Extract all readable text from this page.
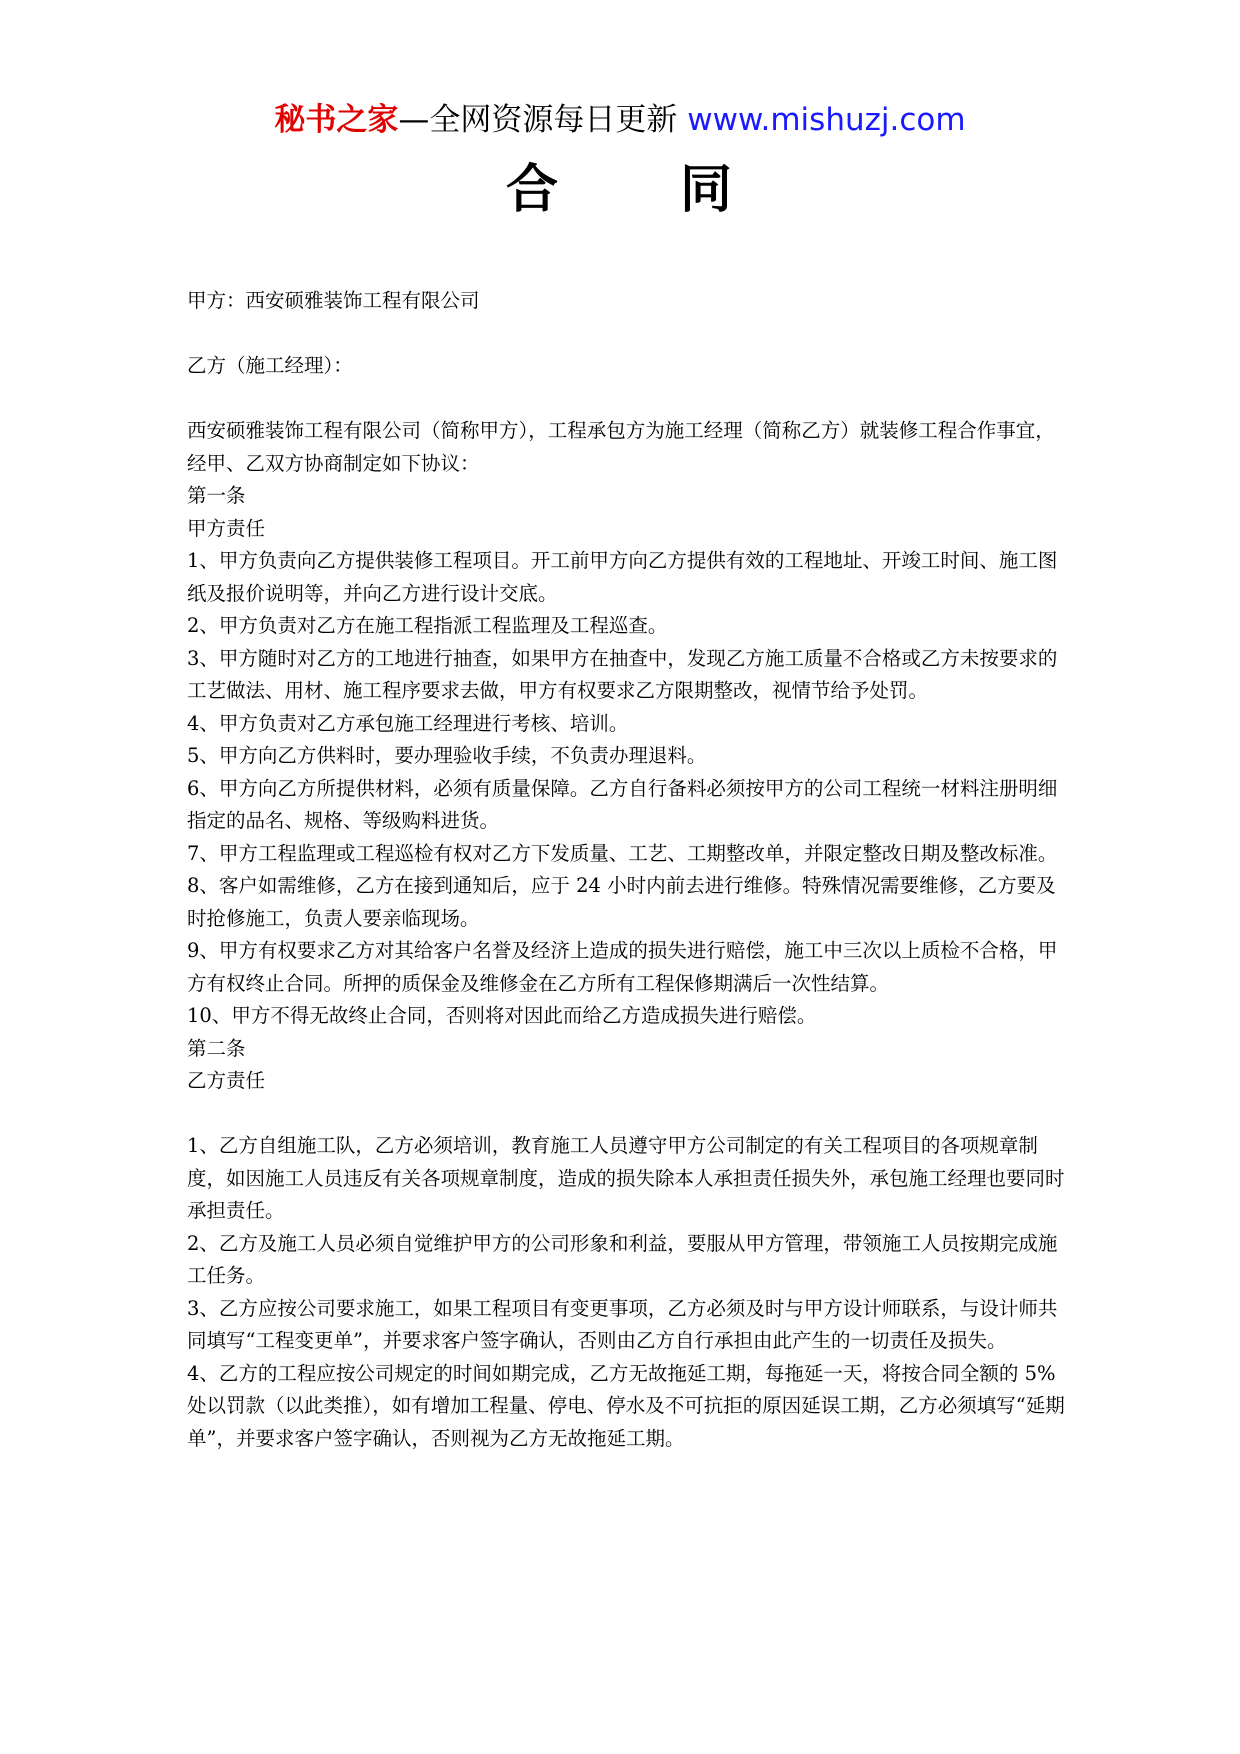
秘书之家—全网资源每日更新 www.mishuzj.com
合 同

甲方：西安硕雅装饰工程有限公司

乙方（施工经理）：

西安硕雅装饰工程有限公司（简称甲方），工程承包方为施工经理（简称乙方）就装修工程合作事宜，经甲、乙双方协商制定如下协议：

第一条

甲方责任

1、甲方负责向乙方提供装修工程项目。开工前甲方向乙方提供有效的工程地址、开竣工时间、施工图纸及报价说明等，并向乙方进行设计交底。

2、甲方负责对乙方在施工程指派工程监理及工程巡查。

3、甲方随时对乙方的工地进行抽查，如果甲方在抽查中，发现乙方施工质量不合格或乙方未按要求的工艺做法、用材、施工程序要求去做，甲方有权要求乙方限期整改，视情节给予处罚。

4、甲方负责对乙方承包施工经理进行考核、培训。

5、甲方向乙方供料时，要办理验收手续，不负责办理退料。

6、甲方向乙方所提供材料，必须有质量保障。乙方自行备料必须按甲方的公司工程统一材料注册明细指定的品名、规格、等级购料进货。

7、甲方工程监理或工程巡检有权对乙方下发质量、工艺、工期整改单，并限定整改日期及整改标准。

8、客户如需维修，乙方在接到通知后，应于 24 小时内前去进行维修。特殊情况需要维修，乙方要及时抢修施工，负责人要亲临现场。

9、甲方有权要求乙方对其给客户名誉及经济上造成的损失进行赔偿，施工中三次以上质检不合格，甲方有权终止合同。所押的质保金及维修金在乙方所有工程保修期满后一次性结算。

10、甲方不得无故终止合同，否则将对因此而给乙方造成损失进行赔偿。

第二条

乙方责任

1、乙方自组施工队，乙方必须培训，教育施工人员遵守甲方公司制定的有关工程项目的各项规章制度，如因施工人员违反有关各项规章制度，造成的损失除本人承担责任损失外，承包施工经理也要同时承担责任。

2、乙方及施工人员必须自觉维护甲方的公司形象和利益，要服从甲方管理，带领施工人员按期完成施工任务。

3、乙方应按公司要求施工，如果工程项目有变更事项，乙方必须及时与甲方设计师联系，与设计师共同填写“工程变更单”，并要求客户签字确认，否则由乙方自行承担由此产生的一切责任及损失。

4、乙方的工程应按公司规定的时间如期完成，乙方无故拖延工期，每拖延一天，将按合同全额的 5%处以罚款（以此类推），如有增加工程量、停电、停水及不可抗拒的原因延误工期，乙方必须填写“延期单”，并要求客户签字确认，否则视为乙方无故拖延工期。
